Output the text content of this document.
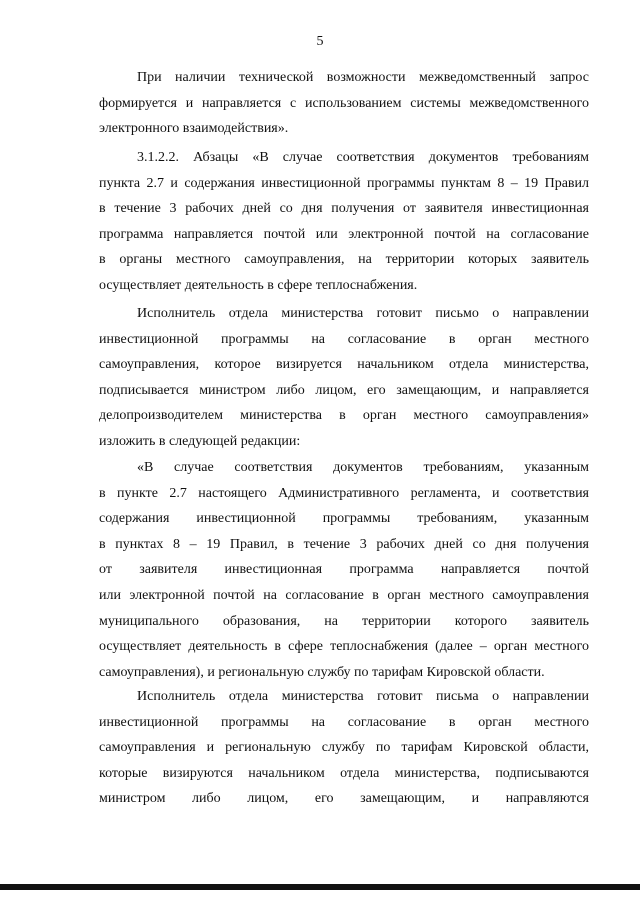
5
При наличии технической возможности межведомственный запрос
формируется и направляется с использованием системы межведомственного
электронного взаимодействия».
3.1.2.2. Абзацы «В случае соответствия документов требованиям
пункта 2.7 и содержания инвестиционной программы пунктам 8 – 19 Правил
в течение 3 рабочих дней со дня получения от заявителя инвестиционная
программа направляется почтой или электронной почтой на согласование
в органы местного самоуправления, на территории которых заявитель
осуществляет деятельность в сфере теплоснабжения.
Исполнитель отдела министерства готовит письмо о направлении
инвестиционной программы на согласование в орган местного
самоуправления, которое визируется начальником отдела министерства,
подписывается министром либо лицом, его замещающим, и направляется
делопроизводителем министерства в орган местного самоуправления»
изложить в следующей редакции:
«В случае соответствия документов требованиям, указанным
в пункте 2.7 настоящего Административного регламента, и соответствия
содержания инвестиционной программы требованиям, указанным
в пунктах 8 – 19 Правил, в течение 3 рабочих дней со дня получения
от заявителя инвестиционная программа направляется почтой
или электронной почтой на согласование в орган местного самоуправления
муниципального образования, на территории которого заявитель
осуществляет деятельность в сфере теплоснабжения (далее – орган местного
самоуправления), и региональную службу по тарифам Кировской области.
Исполнитель отдела министерства готовит письма о направлении
инвестиционной программы на согласование в орган местного
самоуправления и региональную службу по тарифам Кировской области,
которые визируются начальником отдела министерства, подписываются
министром либо лицом, его замещающим, и направляются
